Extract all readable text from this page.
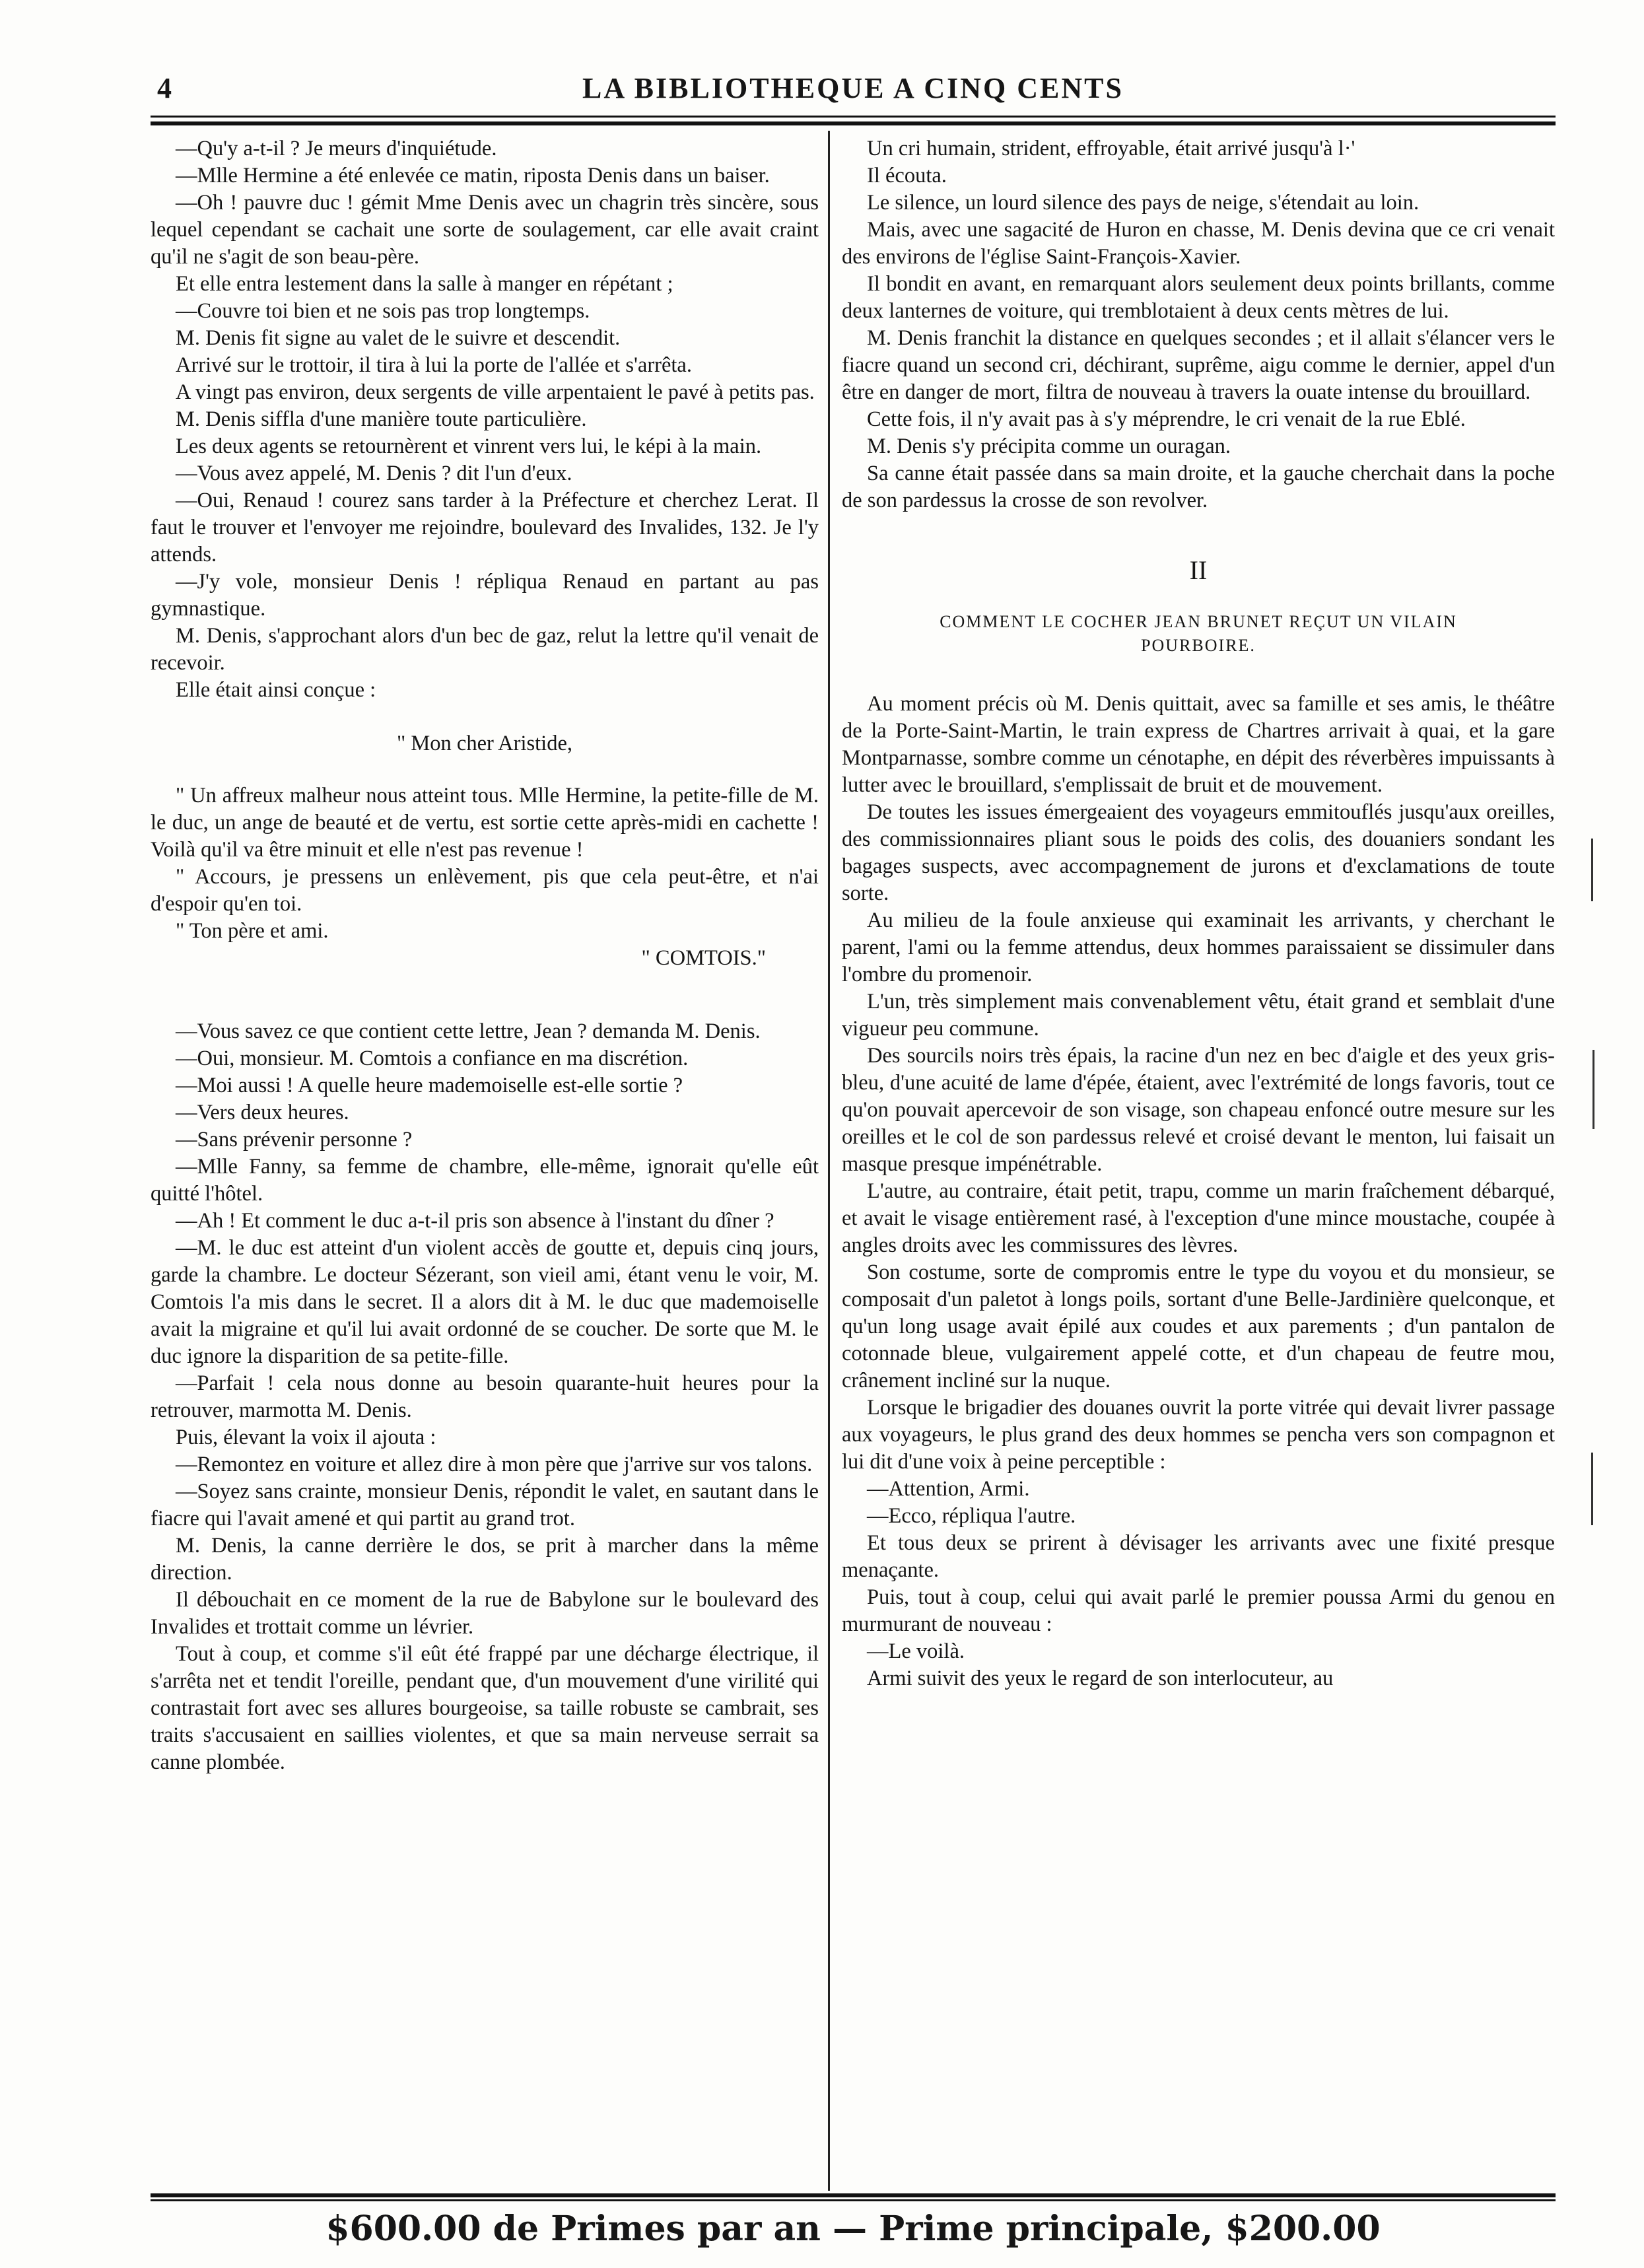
4	LA BIBLIOTHEQUE A CINQ CENTS

—Qu'y a-t-il ? Je meurs d'inquiétude.

—Mlle Hermine a été enlevée ce matin, riposta Denis dans un baiser.

—Oh ! pauvre duc ! gémit Mme Denis avec un chagrin très sincère, sous lequel cependant se cachait une sorte de soulagement, car elle avait craint qu'il ne s'agit de son beau-père.

Et elle entra lestement dans la salle à manger en répétant ;

—Couvre toi bien et ne sois pas trop longtemps.

M. Denis fit signe au valet de le suivre et descendit.

Arrivé sur le trottoir, il tira à lui la porte de l'allée et s'arrêta.

A vingt pas environ, deux sergents de ville arpentaient le pavé à petits pas.

M. Denis siffla d'une manière toute particulière.

Les deux agents se retournèrent et vinrent vers lui, le képi à la main.

—Vous avez appelé, M. Denis ? dit l'un d'eux.

—Oui, Renaud ! courez sans tarder à la Préfecture et cherchez Lerat. Il faut le trouver et l'envoyer me rejoindre, boulevard des Invalides, 132. Je l'y attends.

—J'y vole, monsieur Denis ! répliqua Renaud en partant au pas gymnastique.

M. Denis, s'approchant alors d'un bec de gaz, relut la lettre qu'il venait de recevoir.

Elle était ainsi conçue :

" Mon cher Aristide,

" Un affreux malheur nous atteint tous. Mlle Hermine, la petite-fille de M. le duc, un ange de beauté et de vertu, est sortie cette après-midi en cachette ! Voilà qu'il va être minuit et elle n'est pas revenue !

" Accours, je pressens un enlèvement, pis que cela peut-être, et n'ai d'espoir qu'en toi.

" Ton père et ami.

" COMTOIS."

—Vous savez ce que contient cette lettre, Jean ? demanda M. Denis.

—Oui, monsieur. M. Comtois a confiance en ma discrétion.

—Moi aussi ! A quelle heure mademoiselle est-elle sortie ?

—Vers deux heures.

—Sans prévenir personne ?

—Mlle Fanny, sa femme de chambre, elle-même, ignorait qu'elle eût quitté l'hôtel.

—Ah ! Et comment le duc a-t-il pris son absence à l'instant du dîner ?

—M. le duc est atteint d'un violent accès de goutte et, depuis cinq jours, garde la chambre. Le docteur Sézerant, son vieil ami, étant venu le voir, M. Comtois l'a mis dans le secret. Il a alors dit à M. le duc que mademoiselle avait la migraine et qu'il lui avait ordonné de se coucher. De sorte que M. le duc ignore la disparition de sa petite-fille.

—Parfait ! cela nous donne au besoin quarante-huit heures pour la retrouver, marmotta M. Denis.

Puis, élevant la voix il ajouta :

—Remontez en voiture et allez dire à mon père que j'arrive sur vos talons.

—Soyez sans crainte, monsieur Denis, répondit le valet, en sautant dans le fiacre qui l'avait amené et qui partit au grand trot.

M. Denis, la canne derrière le dos, se prit à marcher dans la même direction.

Il débouchait en ce moment de la rue de Babylone sur le boulevard des Invalides et trottait comme un lévrier.

Tout à coup, et comme s'il eût été frappé par une décharge électrique, il s'arrêta net et tendit l'oreille, pendant que, d'un mouvement d'une virilité qui contrastait fort avec ses allures bourgeoise, sa taille robuste se cambrait, ses traits s'accusaient en saillies violentes, et que sa main nerveuse serrait sa canne plombée.

Un cri humain, strident, effroyable, était arrivé jusqu'à l·'

Il écouta.

Le silence, un lourd silence des pays de neige, s'étendait au loin.

Mais, avec une sagacité de Huron en chasse, M. Denis devina que ce cri venait des environs de l'église Saint-François-Xavier.

Il bondit en avant, en remarquant alors seulement deux points brillants, comme deux lanternes de voiture, qui tremblotaient à deux cents mètres de lui.

M. Denis franchit la distance en quelques secondes ; et il allait s'élancer vers le fiacre quand un second cri, déchirant, suprême, aigu comme le dernier, appel d'un être en danger de mort, filtra de nouveau à travers la ouate intense du brouillard.

Cette fois, il n'y avait pas à s'y méprendre, le cri venait de la rue Eblé.

M. Denis s'y précipita comme un ouragan.

Sa canne était passée dans sa main droite, et la gauche cherchait dans la poche de son pardessus la crosse de son revolver.

II
COMMENT LE COCHER JEAN BRUNET REÇUT UN VILAIN POURBOIRE.

Au moment précis où M. Denis quittait, avec sa famille et ses amis, le théâtre de la Porte-Saint-Martin, le train express de Chartres arrivait à quai, et la gare Montparnasse, sombre comme un cénotaphe, en dépit des réverbères impuissants à lutter avec le brouillard, s'emplissait de bruit et de mouvement.

De toutes les issues émergeaient des voyageurs emmitouflés jusqu'aux oreilles, des commissionnaires pliant sous le poids des colis, des douaniers sondant les bagages suspects, avec accompagnement de jurons et d'exclamations de toute sorte.

Au milieu de la foule anxieuse qui examinait les arrivants, y cherchant le parent, l'ami ou la femme attendus, deux hommes paraissaient se dissimuler dans l'ombre du promenoir.

L'un, très simplement mais convenablement vêtu, était grand et semblait d'une vigueur peu commune.

Des sourcils noirs très épais, la racine d'un nez en bec d'aigle et des yeux gris-bleu, d'une acuité de lame d'épée, étaient, avec l'extrémité de longs favoris, tout ce qu'on pouvait apercevoir de son visage, son chapeau enfoncé outre mesure sur les oreilles et le col de son pardessus relevé et croisé devant le menton, lui faisait un masque presque impénétrable.

L'autre, au contraire, était petit, trapu, comme un marin fraîchement débarqué, et avait le visage entièrement rasé, à l'exception d'une mince moustache, coupée à angles droits avec les commissures des lèvres.

Son costume, sorte de compromis entre le type du voyou et du monsieur, se composait d'un paletot à longs poils, sortant d'une Belle-Jardinière quelconque, et qu'un long usage avait épilé aux coudes et aux parements ; d'un pantalon de cotonnade bleue, vulgairement appelé cotte, et d'un chapeau de feutre mou, crânement incliné sur la nuque.

Lorsque le brigadier des douanes ouvrit la porte vitrée qui devait livrer passage aux voyageurs, le plus grand des deux hommes se pencha vers son compagnon et lui dit d'une voix à peine perceptible :

—Attention, Armi.

—Ecco, répliqua l'autre.

Et tous deux se prirent à dévisager les arrivants avec une fixité presque menaçante.

Puis, tout à coup, celui qui avait parlé le premier poussa Armi du genou en murmurant de nouveau :

—Le voilà.

Armi suivit des yeux le regard de son interlocuteur, au

$600.00 de Primes par an — Prime principale, $200.00
